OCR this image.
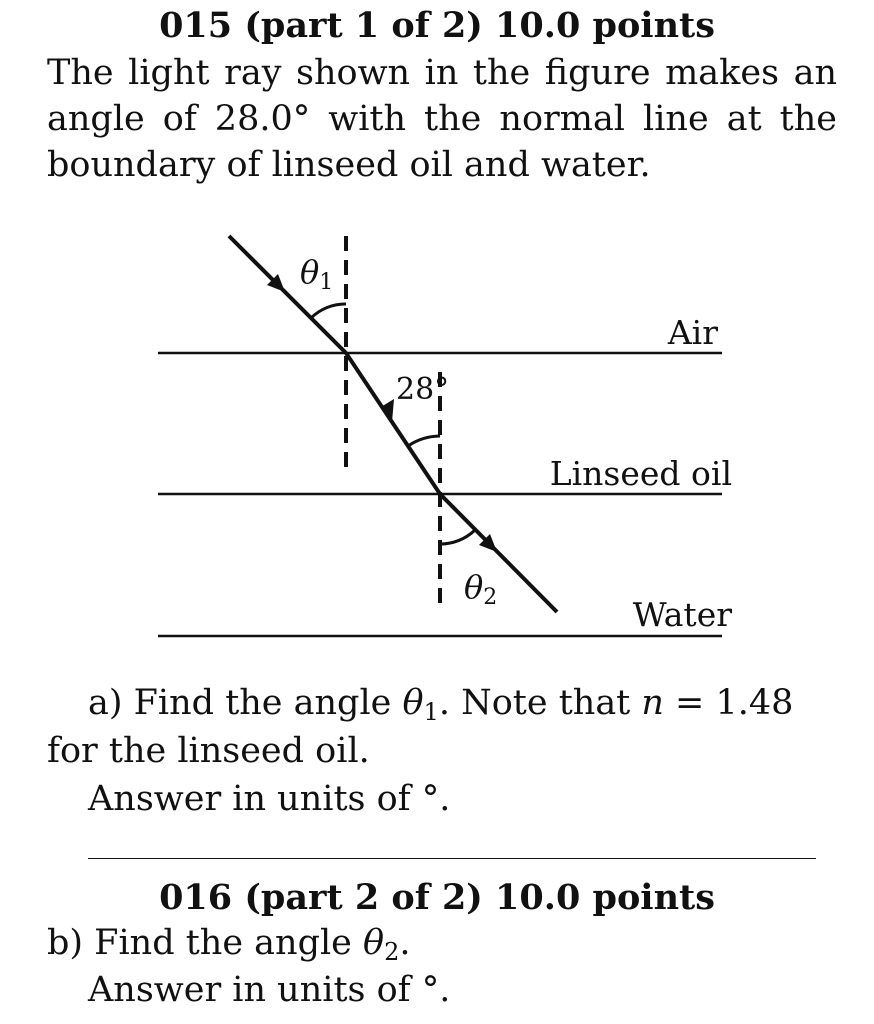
015 (part 1 of 2) 10.0 points
The light ray shown in the figure makes an
angle of 28.0° with the normal line at the
boundary of linseed oil and water.
θ1
28°
θ2
Air
Linseed oil
Water
a) Find the angle $\theta_1$. Note that n = 1.48
for the linseed oil.
Answer in units of °.
016 (part 2 of 2) 10.0 points
b) Find the angle $\theta_2$.
Answer in units of °.
